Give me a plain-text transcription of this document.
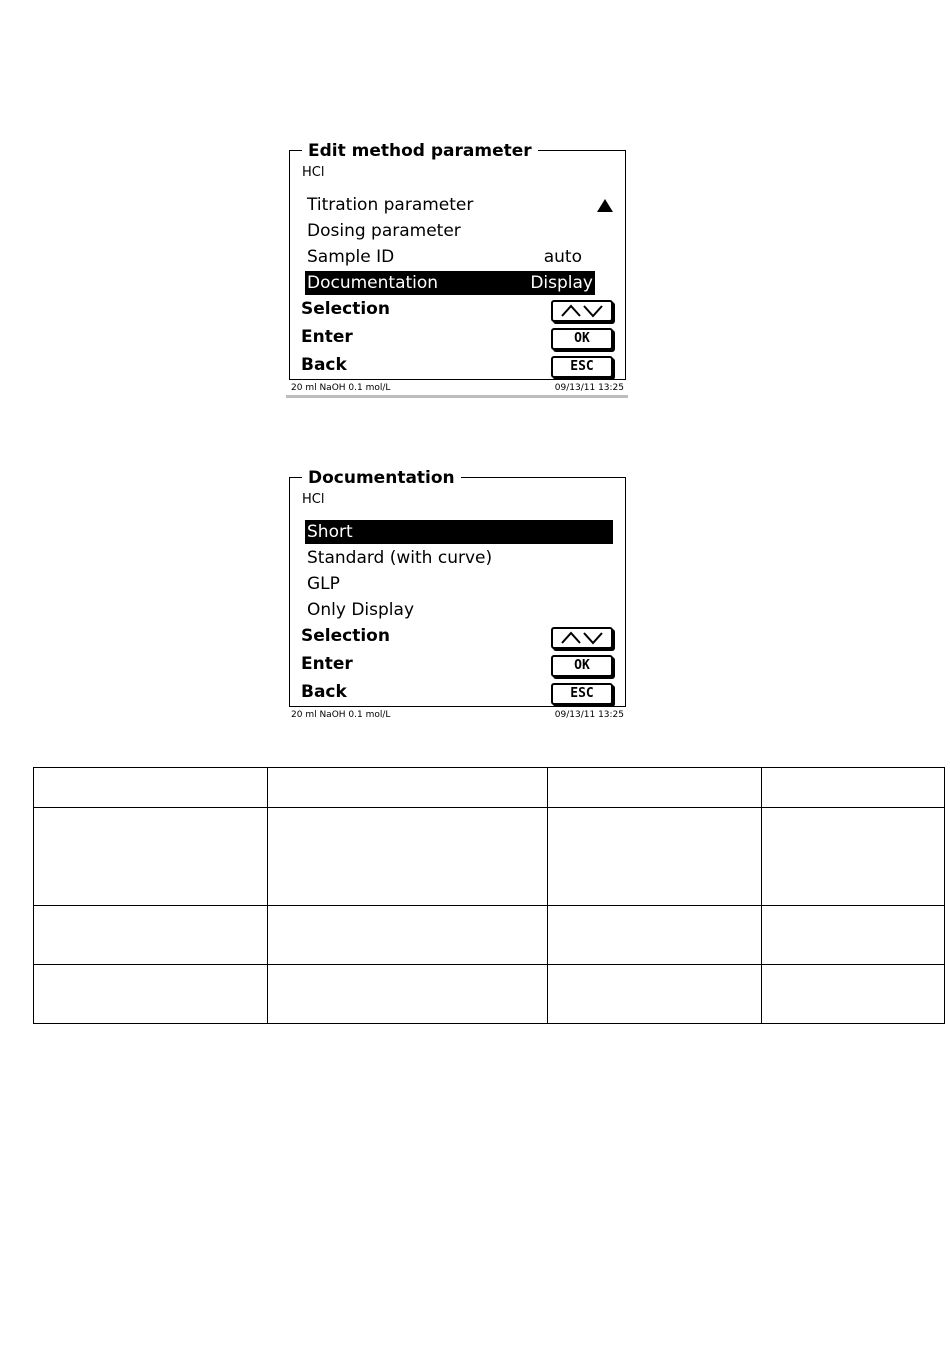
Edit method parameter
HCl
Titration parameter
Dosing parameter
Sample ID	auto
Documentation	Display
Selection
Enter	OK
Back	ESC
20 ml NaOH 0.1 mol/L	09/13/11 13:25
Documentation
HCl
Short
Standard (with curve)
GLP
Only Display
Selection
Enter	OK
Back	ESC
20 ml NaOH 0.1 mol/L	09/13/11 13:25
